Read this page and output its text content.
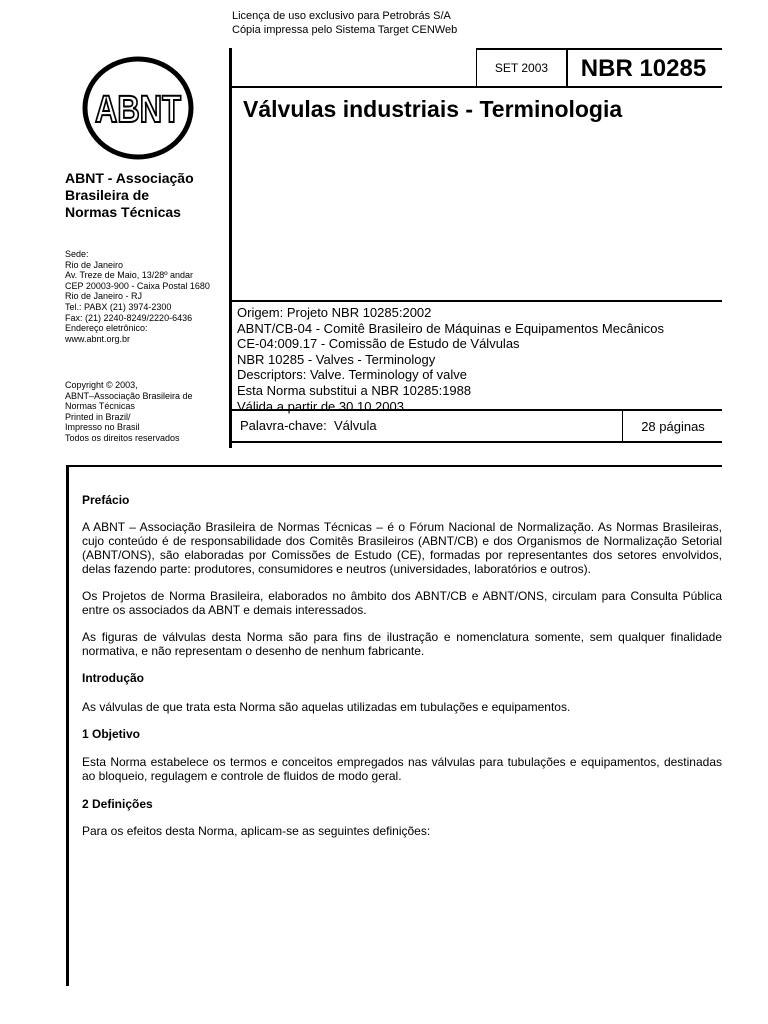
Licença de uso exclusivo para Petrobrás S/A
Cópia impressa pelo Sistema Target CENWeb
ABNT
ABNT - Associação
Brasileira de
Normas Técnicas
Sede:
Rio de Janeiro
Av. Treze de Maio, 13/28º andar
CEP 20003-900 - Caixa Postal 1680
Rio de Janeiro - RJ
Tel.: PABX (21) 3974-2300
Fax: (21) 2240-8249/2220-6436
Endereço eletrônico:
www.abnt.org.br
Copyright © 2003,
ABNT–Associação Brasileira de
Normas Técnicas
Printed in Brazil/
Impresso no Brasil
Todos os direitos reservados
SET 2003	NBR 10285
Válvulas industriais - Terminologia
Origem: Projeto NBR 10285:2002
ABNT/CB-04 - Comitê Brasileiro de Máquinas e Equipamentos Mecânicos
CE-04:009.17 - Comissão de Estudo de Válvulas
NBR 10285 - Valves - Terminology
Descriptors: Valve. Terminology of valve
Esta Norma substitui a NBR 10285:1988
Válida a partir de 30.10.2003
Palavra-chave: Válvula	28 páginas
Prefácio
A ABNT – Associação Brasileira de Normas Técnicas – é o Fórum Nacional de Normalização. As Normas Brasileiras, cujo conteúdo é de responsabilidade dos Comitês Brasileiros (ABNT/CB) e dos Organismos de Normalização Setorial (ABNT/ONS), são elaboradas por Comissões de Estudo (CE), formadas por representantes dos setores envolvidos, delas fazendo parte: produtores, consumidores e neutros (universidades, laboratórios e outros).
Os Projetos de Norma Brasileira, elaborados no âmbito dos ABNT/CB e ABNT/ONS, circulam para Consulta Pública entre os associados da ABNT e demais interessados.
As figuras de válvulas desta Norma são para fins de ilustração e nomenclatura somente, sem qualquer finalidade normativa, e não representam o desenho de nenhum fabricante.
Introdução
As válvulas de que trata esta Norma são aquelas utilizadas em tubulações e equipamentos.
1 Objetivo
Esta Norma estabelece os termos e conceitos empregados nas válvulas para tubulações e equipamentos, destinadas ao bloqueio, regulagem e controle de fluidos de modo geral.
2 Definições
Para os efeitos desta Norma, aplicam-se as seguintes definições:
